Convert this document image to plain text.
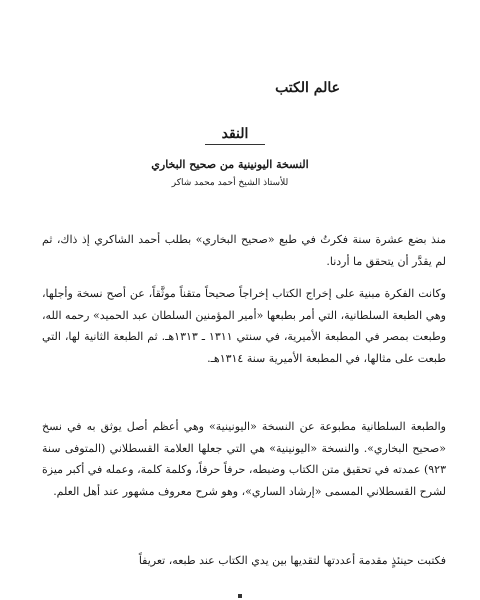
عالم الكتب
النقد
النسخة اليونينية من صحيح البخاري
للأستاذ الشيخ أحمد محمد شاكر

منذ بضع عشرة سنة فكرتُ في طبع «صحيح البخاري» بطلب أحمد الشاكري إذ ذاك، ثم لم يقدَّر أن يتحقق ما أردنا.

وكانت الفكرة مبنية على إخراج الكتاب إخراجاً صحيحاً متقناً موثَّقاً، عن أصح نسخة وأجلها، وهي الطبعة السلطانية، التي أمر بطبعها «أمير المؤمنين السلطان عبد الحميد» رحمه الله، وطبعت بمصر في المطبعة الأميرية، في سنتي ١٣١١ ـ ١٣١٣هـ. ثم الطبعة الثانية لها، التي طبعت على مثالها، في المطبعة الأميرية سنة ١٣١٤هـ.

والطبعة السلطانية مطبوعة عن النسخة «اليونينية» وهي أعظم أصل يوثق به في نسخ «صحيح البخاري». والنسخة «اليونينية» هي التي جعلها العلامة القسطلاني (المتوفى سنة ٩٢٣) عمدته في تحقيق متن الكتاب وضبطه، حرفاً حرفاً، وكلمة كلمة، وعمله في أكبر ميزة لشرح القسطلاني المسمى «إرشاد الساري»، وهو شرح معروف مشهور عند أهل العلم.

فكتبت حينئذٍ مقدمة أعددتها لتقديها بين يدي الكتاب عند طبعه، تعريفاً
